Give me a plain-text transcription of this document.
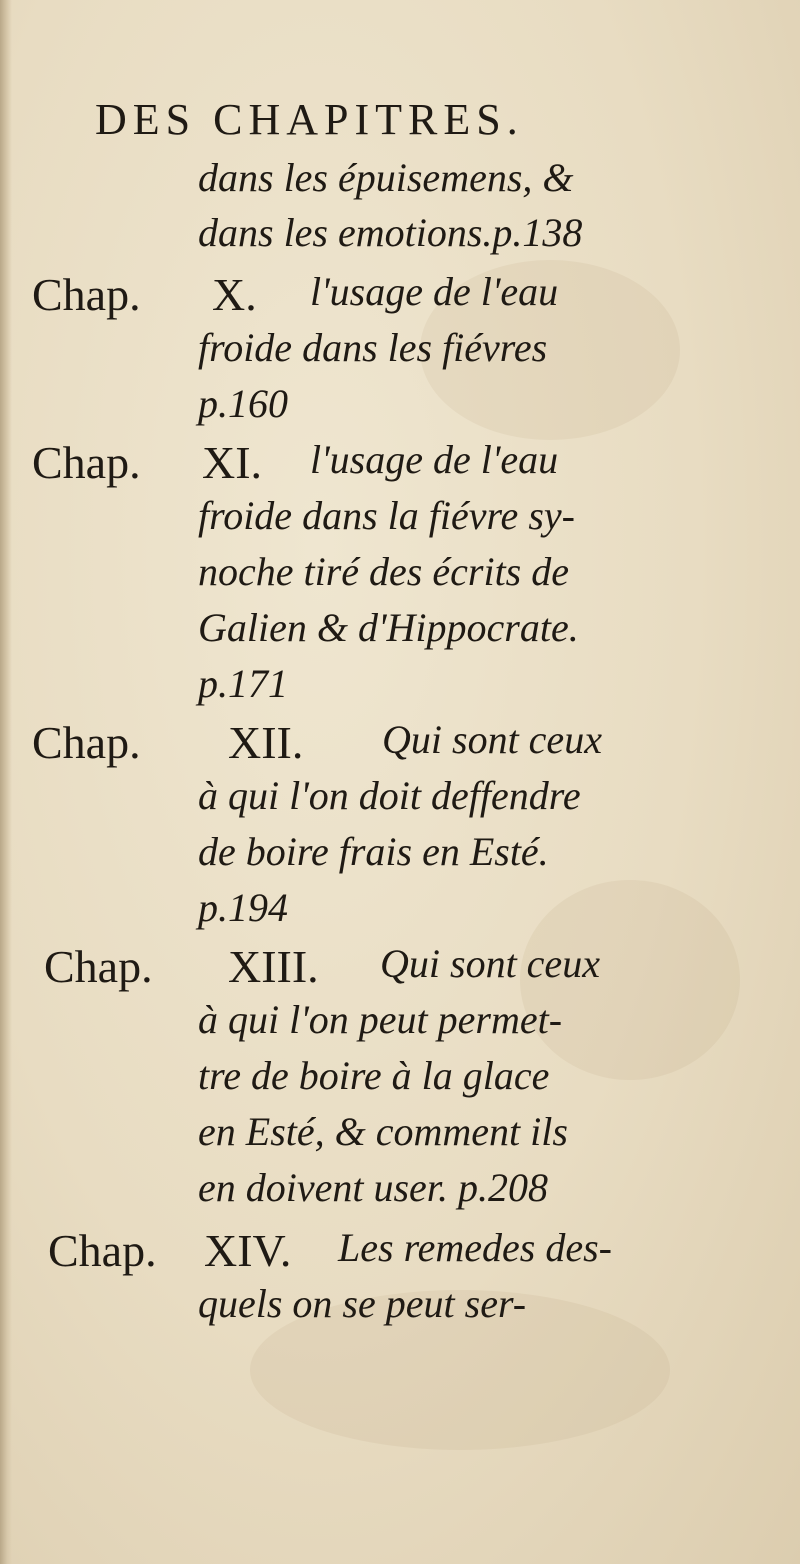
DES CHAPITRES.
dans les épuisemens, &
dans les emotions.p.138
Chap.	X.	l'usage de l'eau
froide dans les fiévres
p.160
Chap.	XI.	l'usage de l'eau
froide dans la fiévre sy-
noche tiré des écrits de
Galien & d'Hippocrate.
p.171
Chap.	XII.	Qui sont ceux
à qui l'on doit deffendre
de boire frais en Esté.
p.194
Chap.	XIII.	Qui sont ceux
à qui l'on peut permet-
tre de boire à la glace
en Esté, & comment ils
en doivent user. p.208
Chap.	XIV.	Les remedes des-
quels on se peut ser-
